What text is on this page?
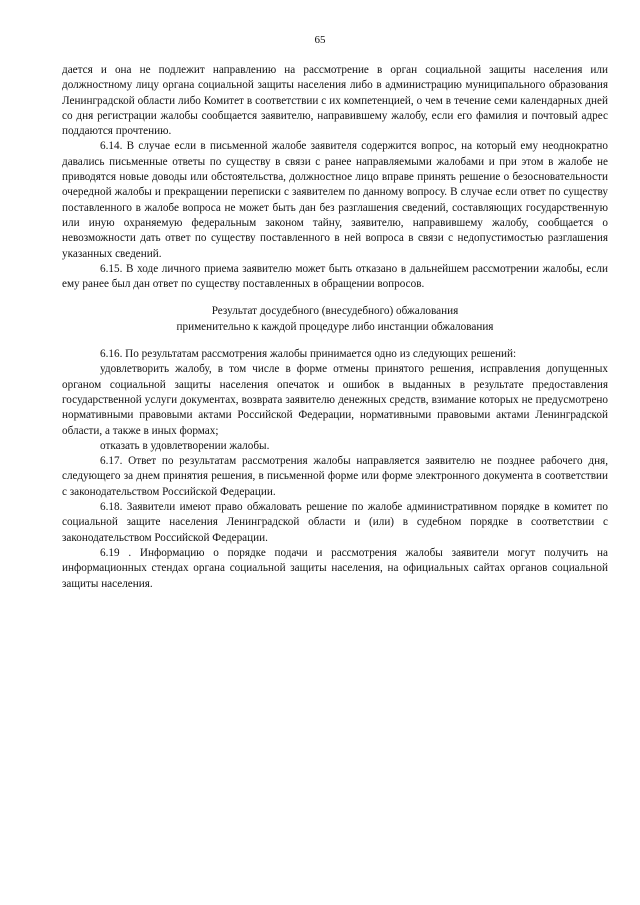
65

дается и она не подлежит направлению на рассмотрение в орган социальной защиты населения или должностному лицу органа социальной защиты населения либо в администрацию муниципального образования Ленинградской области либо Комитет в соответствии с их компетенцией, о чем в течение семи календарных дней со дня регистрации жалобы сообщается заявителю, направившему жалобу, если его фамилия и почтовый адрес поддаются прочтению.

6.14. В случае если в письменной жалобе заявителя содержится вопрос, на который ему неоднократно давались письменные ответы по существу в связи с ранее направляемыми жалобами и при этом в жалобе не приводятся новые доводы или обстоятельства, должностное лицо вправе принять решение о безосновательности очередной жалобы и прекращении переписки с заявителем по данному вопросу. В случае если ответ по существу поставленного в жалобе вопроса не может быть дан без разглашения сведений, составляющих государственную или иную охраняемую федеральным законом тайну, заявителю, направившему жалобу, сообщается о невозможности дать ответ по существу поставленного в ней вопроса в связи с недопустимостью разглашения указанных сведений.

6.15. В ходе личного приема заявителю может быть отказано в дальнейшем рассмотрении жалобы, если ему ранее был дан ответ по существу поставленных в обращении вопросов.

Результат досудебного (внесудебного) обжалования
применительно к каждой процедуре либо инстанции обжалования

6.16. По результатам рассмотрения жалобы принимается одно из следующих решений:

удовлетворить жалобу, в том числе в форме отмены принятого решения, исправления допущенных органом социальной защиты населения опечаток и ошибок в выданных в результате предоставления государственной услуги документах, возврата заявителю денежных средств, взимание которых не предусмотрено нормативными правовыми актами Российской Федерации, нормативными правовыми актами Ленинградской области, а также в иных формах;

отказать в удовлетворении жалобы.

6.17. Ответ по результатам рассмотрения жалобы направляется заявителю не позднее рабочего дня, следующего за днем принятия решения, в письменной форме или форме электронного документа в соответствии с законодательством Российской Федерации.

6.18. Заявители имеют право обжаловать решение по жалобе административном порядке в комитет по социальной защите населения Ленинградской области и (или) в судебном порядке в соответствии с законодательством Российской Федерации.

6.19 . Информацию о порядке подачи и рассмотрения жалобы заявители могут получить на информационных стендах органа социальной защиты населения, на официальных сайтах органов социальной защиты населения.
